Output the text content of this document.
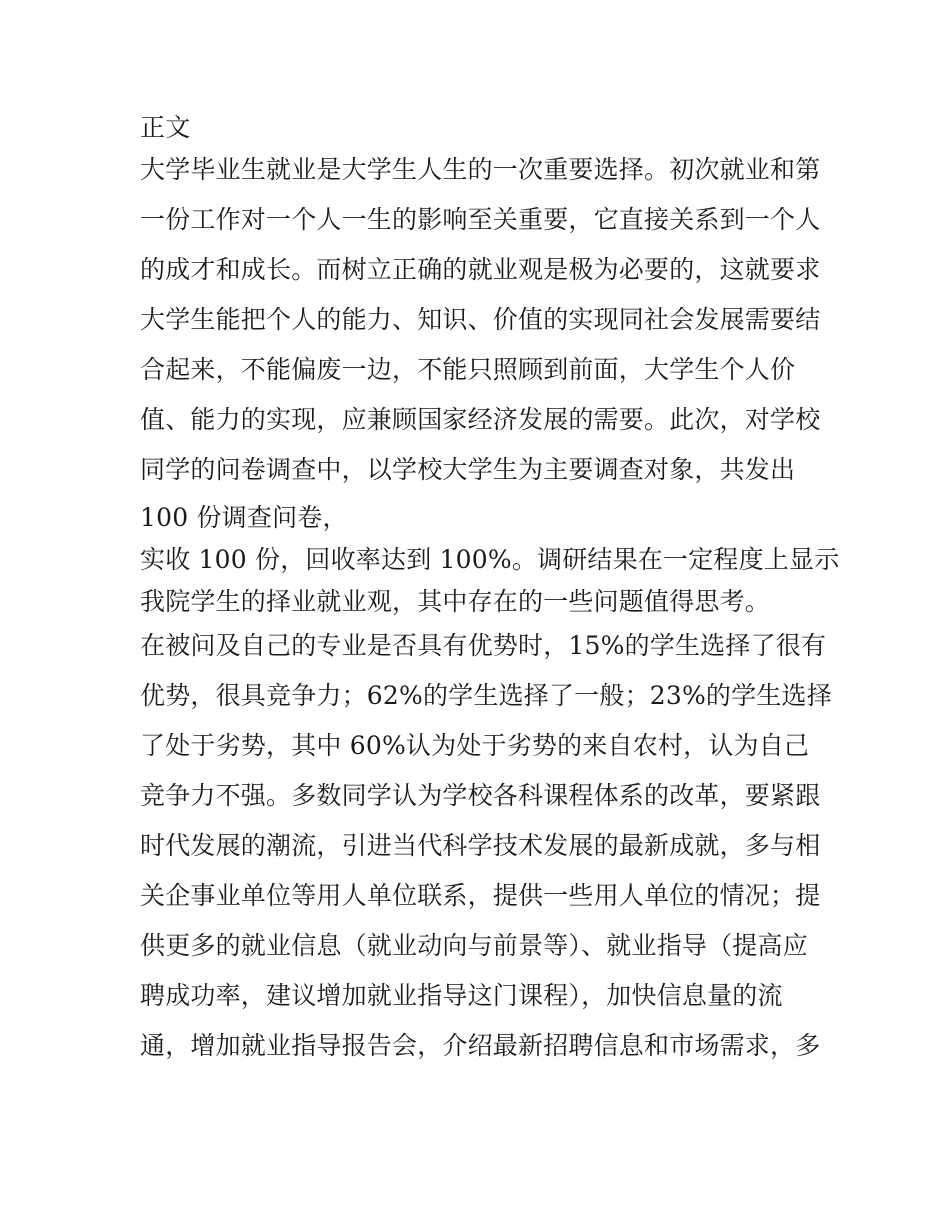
正文
大学毕业生就业是大学生人生的一次重要选择。初次就业和第
一份工作对一个人一生的影响至关重要，它直接关系到一个人
的成才和成长。而树立正确的就业观是极为必要的，这就要求
大学生能把个人的能力、知识、价值的实现同社会发展需要结
合起来，不能偏废一边，不能只照顾到前面，大学生个人价
值、能力的实现，应兼顾国家经济发展的需要。此次，对学校
同学的问卷调查中，以学校大学生为主要调查对象，共发出
100 份调查问卷，
实收 100 份，回收率达到 100%。调研结果在一定程度上显示
我院学生的择业就业观，其中存在的一些问题值得思考。
在被问及自己的专业是否具有优势时，15%的学生选择了很有
优势，很具竞争力；62%的学生选择了一般；23%的学生选择
了处于劣势，其中 60%认为处于劣势的来自农村，认为自己
竞争力不强。多数同学认为学校各科课程体系的改革，要紧跟
时代发展的潮流，引进当代科学技术发展的最新成就，多与相
关企事业单位等用人单位联系，提供一些用人单位的情况；提
供更多的就业信息（就业动向与前景等）、就业指导（提高应
聘成功率，建议增加就业指导这门课程），加快信息量的流
通，增加就业指导报告会，介绍最新招聘信息和市场需求，多
